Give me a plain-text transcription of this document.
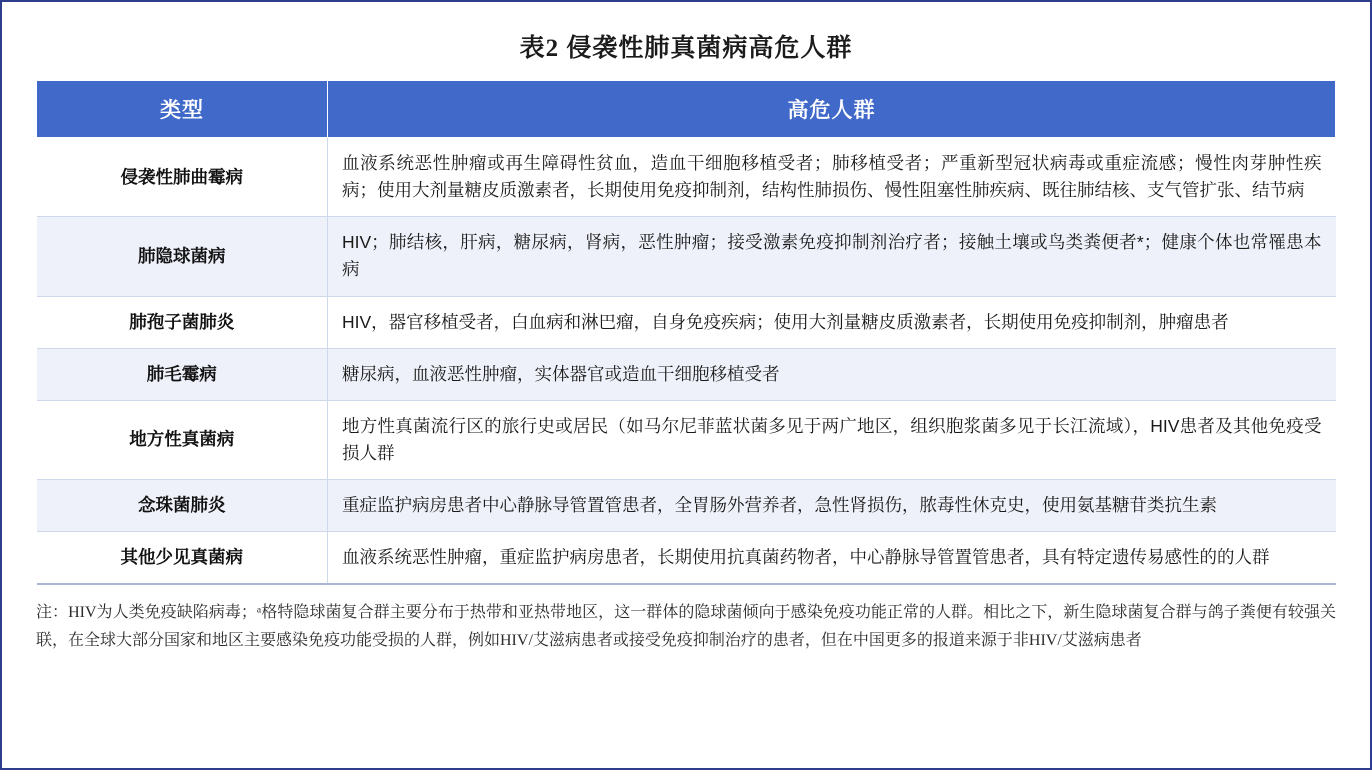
表2 侵袭性肺真菌病高危人群
类型	高危人群
侵袭性肺曲霉病	血液系统恶性肿瘤或再生障碍性贫血，造血干细胞移植受者；肺移植受者；严重新型冠状病毒或重症流感；慢性肉芽肿性疾病；使用大剂量糖皮质激素者，长期使用免疫抑制剂，结构性肺损伤、慢性阻塞性肺疾病、既往肺结核、支气管扩张、结节病
肺隐球菌病	HIV；肺结核，肝病，糖尿病，肾病，恶性肿瘤；接受激素免疫抑制剂治疗者；接触土壤或鸟类粪便者*；健康个体也常罹患本病
肺孢子菌肺炎	HIV，器官移植受者，白血病和淋巴瘤，自身免疫疾病；使用大剂量糖皮质激素者，长期使用免疫抑制剂，肿瘤患者
肺毛霉病	糖尿病，血液恶性肿瘤，实体器官或造血干细胞移植受者
地方性真菌病	地方性真菌流行区的旅行史或居民（如马尔尼菲蓝状菌多见于两广地区，组织胞浆菌多见于长江流域），HIV患者及其他免疫受损人群
念珠菌肺炎	重症监护病房患者中心静脉导管置管患者，全胃肠外营养者，急性肾损伤，脓毒性休克史，使用氨基糖苷类抗生素
其他少见真菌病	血液系统恶性肿瘤，重症监护病房患者，长期使用抗真菌药物者，中心静脉导管置管患者，具有特定遗传易感性的的人群
注：HIV为人类免疫缺陷病毒；ᵃ格特隐球菌复合群主要分布于热带和亚热带地区，这一群体的隐球菌倾向于感染免疫功能正常的人群。相比之下，新生隐球菌复合群与鸽子粪便有较强关联，在全球大部分国家和地区主要感染免疫功能受损的人群，例如HIV/艾滋病患者或接受免疫抑制治疗的患者，但在中国更多的报道来源于非HIV/艾滋病患者
